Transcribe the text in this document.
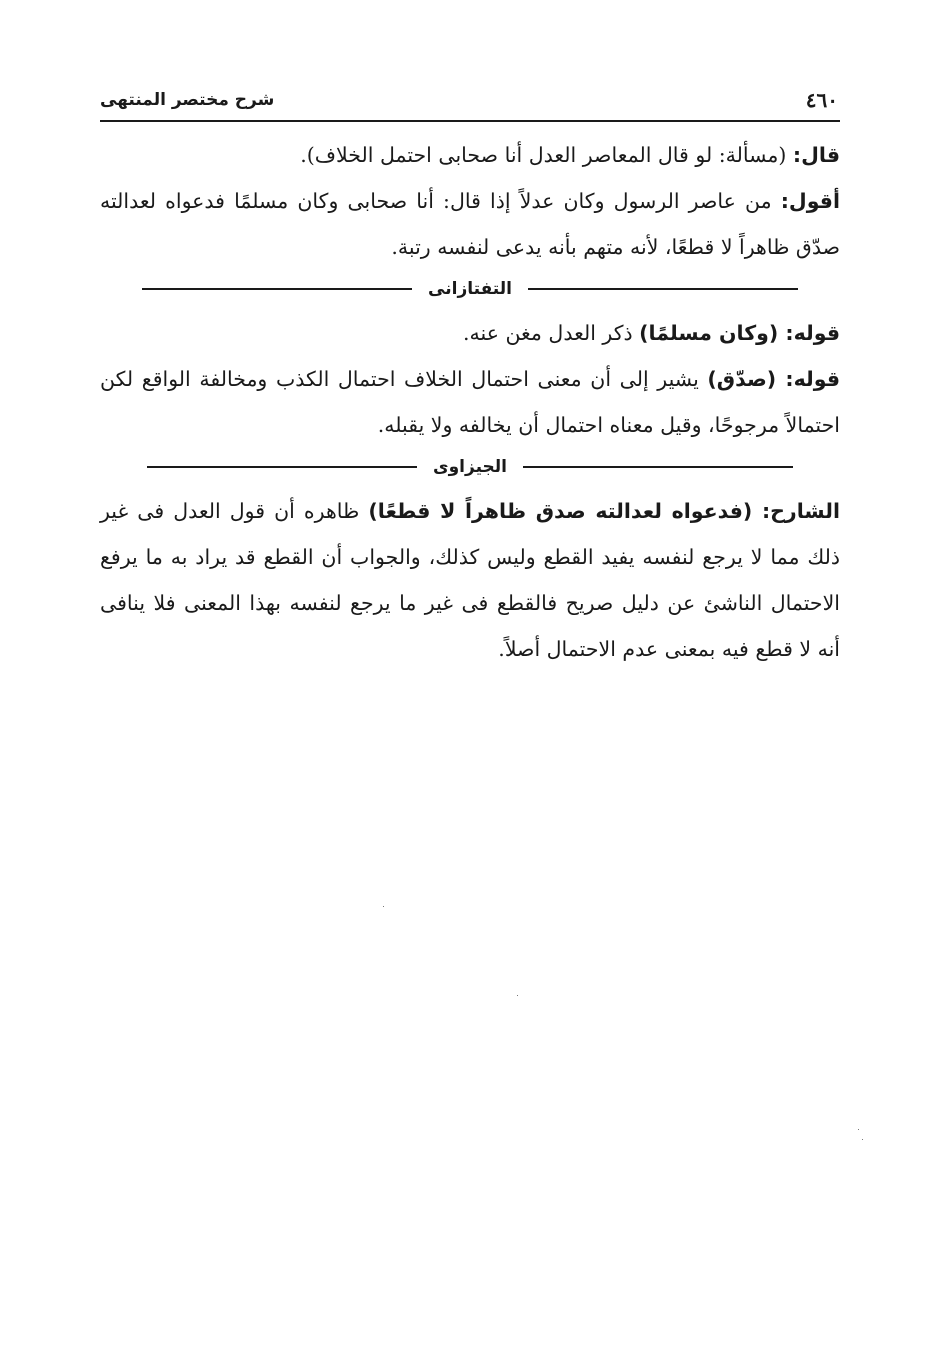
٤٦٠
شرح مختصر المنتهى

قال: (مسألة: لو قال المعاصر العدل أنا صحابى احتمل الخلاف).

أقول: من عاصر الرسول وكان عدلاً إذا قال: أنا صحابى وكان مسلمًا فدعواه لعدالته صدّق ظاهراً لا قطعًا، لأنه متهم بأنه يدعى لنفسه رتبة.

التفتازانى

قوله: (وكان مسلمًا) ذكر العدل مغن عنه.

قوله: (صدّق) يشير إلى أن معنى احتمال الخلاف احتمال الكذب ومخالفة الواقع لكن احتمالاً مرجوحًا، وقيل معناه احتمال أن يخالفه ولا يقبله.

الجيزاوى

الشارح: (فدعواه لعدالته صدق ظاهراً لا قطعًا) ظاهره أن قول العدل فى غير ذلك مما لا يرجع لنفسه يفيد القطع وليس كذلك، والجواب أن القطع قد يراد به ما يرفع الاحتمال الناشئ عن دليل صريح فالقطع فى غير ما يرجع لنفسه بهذا المعنى فلا ينافى أنه لا قطع فيه بمعنى عدم الاحتمال أصلاً.
